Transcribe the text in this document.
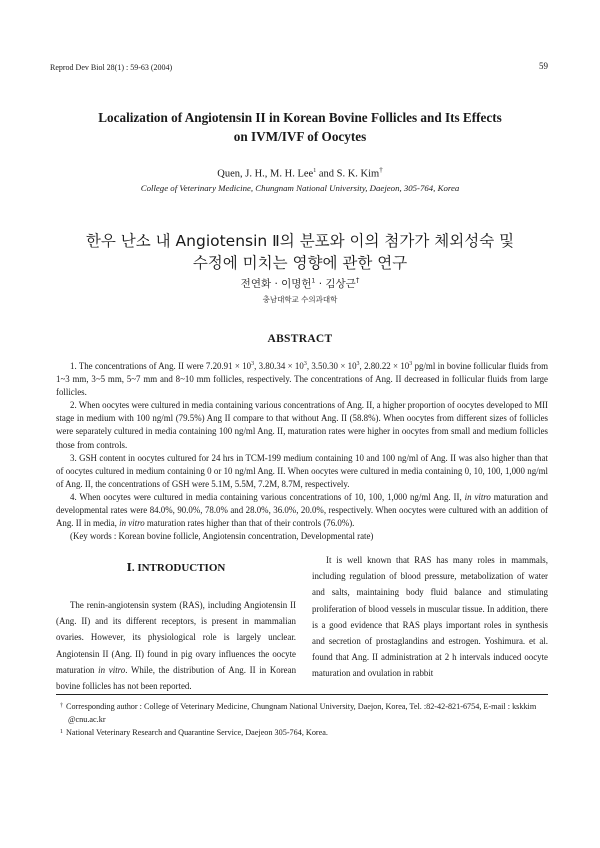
Reprod Dev Biol 28(1) : 59-63 (2004)	59
Localization of Angiotensin II in Korean Bovine Follicles and Its Effects
on IVM/IVF of Oocytes
Quen, J. H., M. H. Lee$^1$ and S. K. Kim†
College of Veterinary Medicine, Chungnam National University, Daejeon, 305-764, Korea
한우 난소 내 Angiotensin Ⅱ의 분포와 이의 첨가가 체외성숙 및
수정에 미치는 영향에 관한 연구
전연화 · 이명헌$^1$ · 김상근†
충남대학교 수의과대학
ABSTRACT

1. The concentrations of Ang. II were $7.20.91 \times 10^3$, $3.80.34 \times 10^3$, $3.50.30 \times 10^3$, $2.80.22 \times 10^3$ pg/ml in bovine follicular fluids from 1~3 mm, 3~5 mm, 5~7 mm and 8~10 mm follicles, respectively. The concentrations of Ang. II decreased in follicular fluids from large follicles.

2. When oocytes were cultured in media containing various concentrations of Ang. II, a higher proportion of oocytes developed to MII stage in medium with 100 ng/ml (79.5%) Ang II compare to that without Ang. II (58.8%). When oocytes from different sizes of follicles were separately cultured in media containing 100 ng/ml Ang. II, maturation rates were higher in oocytes from small and medium follicles those from controls.

3. GSH content in oocytes cultured for 24 hrs in TCM-199 medium containing 10 and 100 ng/ml of Ang. II was also higher than that of oocytes cultured in medium containing 0 or 10 ng/ml Ang. II. When oocytes were cultured in media containing 0, 10, 100, 1,000 ng/ml of Ang. II, the concentrations of GSH were 5.1M, 5.5M, 7.2M, 8.7M, respectively.

4. When oocytes were cultured in media containing various concentrations of 10, 100, 1,000 ng/ml Ang. II, in vitro maturation and developmental rates were 84.0%, 90.0%, 78.0% and 28.0%, 36.0%, 20.0%, respectively. When oocytes were cultured with an addition of Ang. II in media, in vitro maturation rates higher than that of their controls (76.0%).

(Key words : Korean bovine follicle, Angiotensin concentration, Developmental rate)

Ⅰ. INTRODUCTION

The renin-angiotensin system (RAS), including Angiotensin II (Ang. II) and its different receptors, is present in mammalian ovaries. However, its physiological role is largely unclear. Angiotensin II (Ang. II) found in pig ovary influences the oocyte maturation in vitro. While, the distribution of Ang. II in Korean bovine follicles has not been reported.

It is well known that RAS has many roles in mammals, including regulation of blood pressure, metabolization of water and salts, maintaining body fluid balance and stimulating proliferation of blood vessels in muscular tissue. In addition, there is a good evidence that RAS plays important roles in synthesis and secretion of prostaglandins and estrogen. Yoshimura. et al. found that Ang. II administration at 2 h intervals induced oocyte maturation and ovulation in rabbit

† Corresponding author : College of Veterinary Medicine, Chungnam National University, Daejon, Korea, Tel. :82-42-821-6754, E-mail : kskkim
@cnu.ac.kr
$^1$ National Veterinary Research and Quarantine Service, Daejeon 305-764, Korea.
